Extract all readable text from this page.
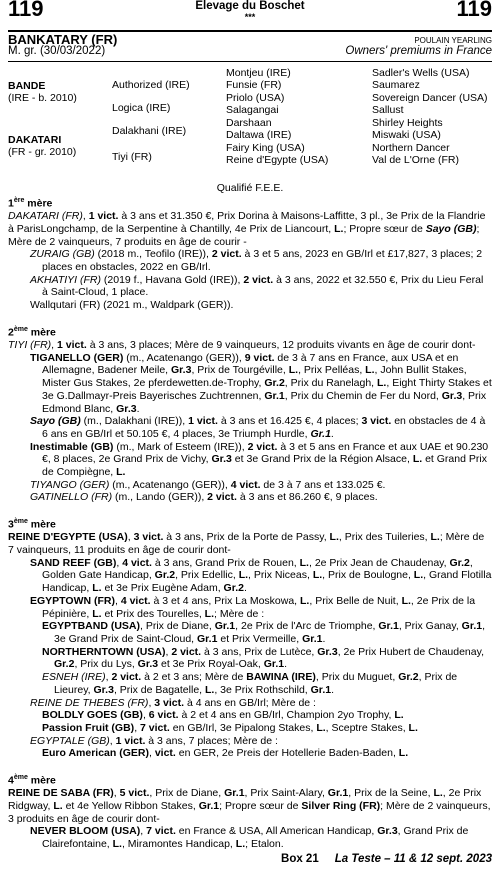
119	Elevage du Boschet
***	119
BANKATARY (FR)
M. gr. (30/03/2022)
POULAIN YEARLING
Owners' premiums in France
BANDE
(IRE - b. 2010)
DAKATARI
(FR - gr. 2010)
Authorized (IRE)
Logica (IRE)
Dalakhani (IRE)
Tiyi (FR)
Montjeu (IRE)
Funsie (FR)
Priolo (USA)
Salagangai
Darshaan
Daltawa (IRE)
Fairy King (USA)
Reine d'Egypte (USA)
Sadler's Wells (USA)
Saumarez
Sovereign Dancer (USA)
Sallust
Shirley Heights
Miswaki (USA)
Northern Dancer
Val de L'Orne (FR)
Qualifié F.E.E.

1ère mère

DAKATARI (FR), 1 vict. à 3 ans et 31.350 €, Prix Dorina à Maisons-Laffitte, 3 pl., 3e Prix de la Flandrie à ParisLongchamp, de la Serpentine à Chantilly, 4e Prix de Liancourt, L.; Propre sœur de Sayo (GB); Mère de 2 vainqueurs, 7 produits en âge de courir -
ZURAIG (GB) (2018 m., Teofilo (IRE)), 2 vict. à 3 et 5 ans, 2023 en GB/Irl et £17,827, 3 places; 2 places en obstacles, 2022 en GB/Irl.
AKHATIYI (FR) (2019 f., Havana Gold (IRE)), 2 vict. à 3 ans, 2022 et 32.550 €, Prix du Lieu Feral à Saint-Cloud, 1 place.
Wallqutari (FR) (2021 m., Waldpark (GER)).

2ème mère

TIYI (FR), 1 vict. à 3 ans, 3 places; Mère de 9 vainqueurs, 12 produits vivants en âge de courir dont-
TIGANELLO (GER) (m., Acatenango (GER)), 9 vict. de 3 à 7 ans en France, aux USA et en Allemagne, Badener Meile, Gr.3, Prix de Tourgéville, L., Prix Pelléas, L., John Bullit Stakes, Mister Gus Stakes, 2e pferdewetten.de-Trophy, Gr.2, Prix du Ranelagh, L., Eight Thirty Stakes et 3e G.Dallmayr-Preis Bayerisches Zuchtrennen, Gr.1, Prix du Chemin de Fer du Nord, Gr.3, Prix Edmond Blanc, Gr.3.
Sayo (GB) (m., Dalakhani (IRE)), 1 vict. à 3 ans et 16.425 €, 4 places; 3 vict. en obstacles de 4 à 6 ans en GB/Irl et 50.105 €, 4 places, 3e Triumph Hurdle, Gr.1.
Inestimable (GB) (m., Mark of Esteem (IRE)), 2 vict. à 3 et 5 ans en France et aux UAE et 90.230 €, 8 places, 2e Grand Prix de Vichy, Gr.3 et 3e Grand Prix de la Région Alsace, L. et Grand Prix de Compiègne, L.
TIYANGO (GER) (m., Acatenango (GER)), 4 vict. de 3 à 7 ans et 133.025 €.
GATINELLO (FR) (m., Lando (GER)), 2 vict. à 3 ans et 86.260 €, 9 places.

3ème mère

REINE D'EGYPTE (USA), 3 vict. à 3 ans, Prix de la Porte de Passy, L., Prix des Tuileries, L.; Mère de 7 vainqueurs, 11 produits en âge de courir dont-
SAND REEF (GB), 4 vict. à 3 ans, Grand Prix de Rouen, L., 2e Prix Jean de Chaudenay, Gr.2, Golden Gate Handicap, Gr.2, Prix Edellic, L., Prix Niceas, L., Prix de Boulogne, L., Grand Flotilla Handicap, L. et 3e Prix Eugène Adam, Gr.2.
EGYPTOWN (FR), 4 vict. à 3 et 4 ans, Prix La Moskowa, L., Prix Belle de Nuit, L., 2e Prix de la Pépinière, L. et Prix des Tourelles, L.; Mère de :
EGYPTBAND (USA), Prix de Diane, Gr.1, 2e Prix de l'Arc de Triomphe, Gr.1, Prix Ganay, Gr.1, 3e Grand Prix de Saint-Cloud, Gr.1 et Prix Vermeille, Gr.1.
NORTHERNTOWN (USA), 2 vict. à 3 ans, Prix de Lutèce, Gr.3, 2e Prix Hubert de Chaudenay, Gr.2, Prix du Lys, Gr.3 et 3e Prix Royal-Oak, Gr.1.
ESNEH (IRE), 2 vict. à 2 et 3 ans; Mère de BAWINA (IRE), Prix du Muguet, Gr.2, Prix de Lieurey, Gr.3, Prix de Bagatelle, L., 3e Prix Rothschild, Gr.1.
REINE DE THEBES (FR), 3 vict. à 4 ans en GB/Irl; Mère de :
BOLDLY GOES (GB), 6 vict. à 2 et 4 ans en GB/Irl, Champion 2yo Trophy, L.
Passion Fruit (GB), 7 vict. en GB/Irl, 3e Pipalong Stakes, L., Sceptre Stakes, L.
EGYPTALE (GB), 1 vict. à 3 ans, 7 places; Mère de :
Euro American (GER), vict. en GER, 2e Preis der Hotellerie Baden-Baden, L.

4ème mère

REINE DE SABA (FR), 5 vict., Prix de Diane, Gr.1, Prix Saint-Alary, Gr.1, Prix de la Seine, L., 2e Prix Ridgway, L. et 4e Yellow Ribbon Stakes, Gr.1; Propre sœur de Silver Ring (FR); Mère de 2 vainqueurs, 3 produits en âge de courir dont-
NEVER BLOOM (USA), 7 vict. en France & USA, All American Handicap, Gr.3, Grand Prix de Clairefontaine, L., Miramontes Handicap, L.; Etalon.
Box 21 La Teste – 11 & 12 sept. 2023
